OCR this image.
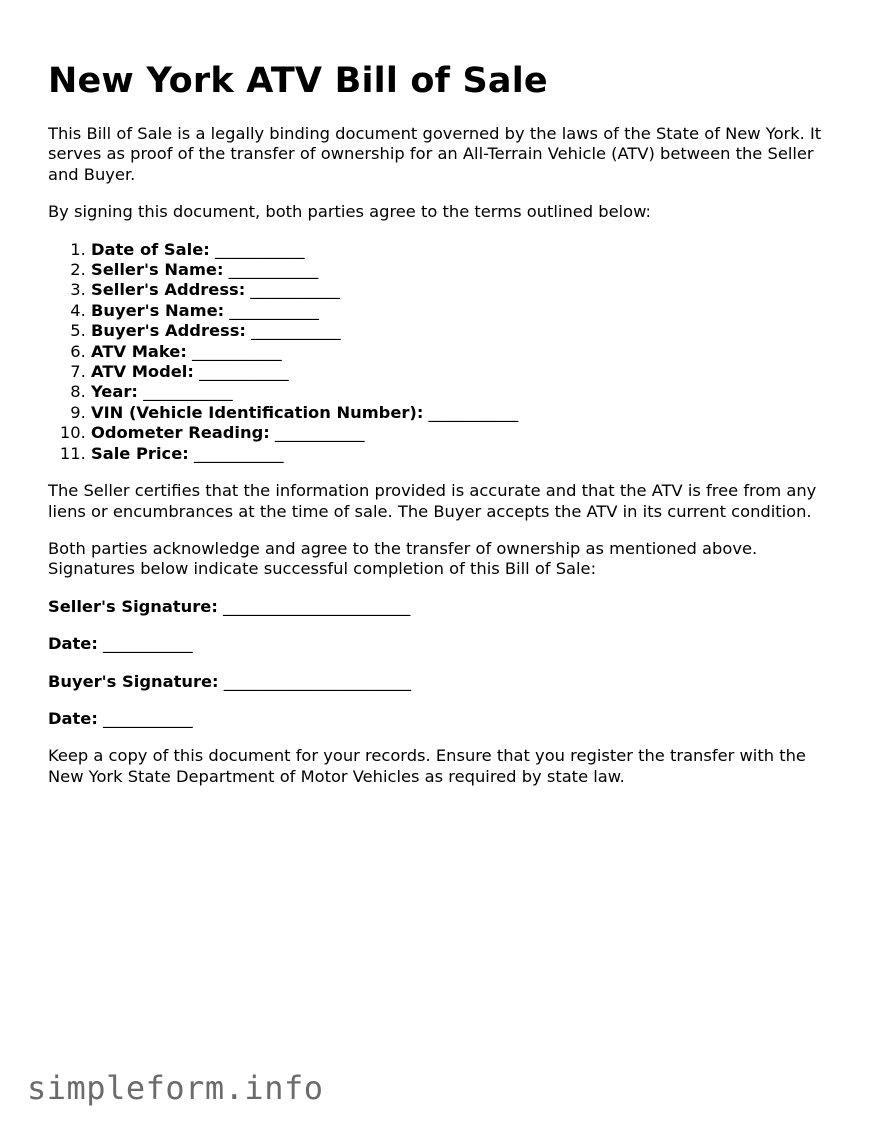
New York ATV Bill of Sale

This Bill of Sale is a legally binding document governed by the laws of the State of New York. It serves as proof of the transfer of ownership for an All-Terrain Vehicle (ATV) between the Seller and Buyer.

By signing this document, both parties agree to the terms outlined below:

1. Date of Sale: ___________
2. Seller's Name: ___________
3. Seller's Address: ___________
4. Buyer's Name: ___________
5. Buyer's Address: ___________
6. ATV Make: ___________
7. ATV Model: ___________
8. Year: ___________
9. VIN (Vehicle Identification Number): ___________
10. Odometer Reading: ___________
11. Sale Price: ___________

The Seller certifies that the information provided is accurate and that the ATV is free from any liens or encumbrances at the time of sale. The Buyer accepts the ATV in its current condition.

Both parties acknowledge and agree to the transfer of ownership as mentioned above. Signatures below indicate successful completion of this Bill of Sale:

Seller's Signature: _______________________
Date: ___________
Buyer's Signature: _______________________
Date: ___________

Keep a copy of this document for your records. Ensure that you register the transfer with the New York State Department of Motor Vehicles as required by state law.

simpleform.info
